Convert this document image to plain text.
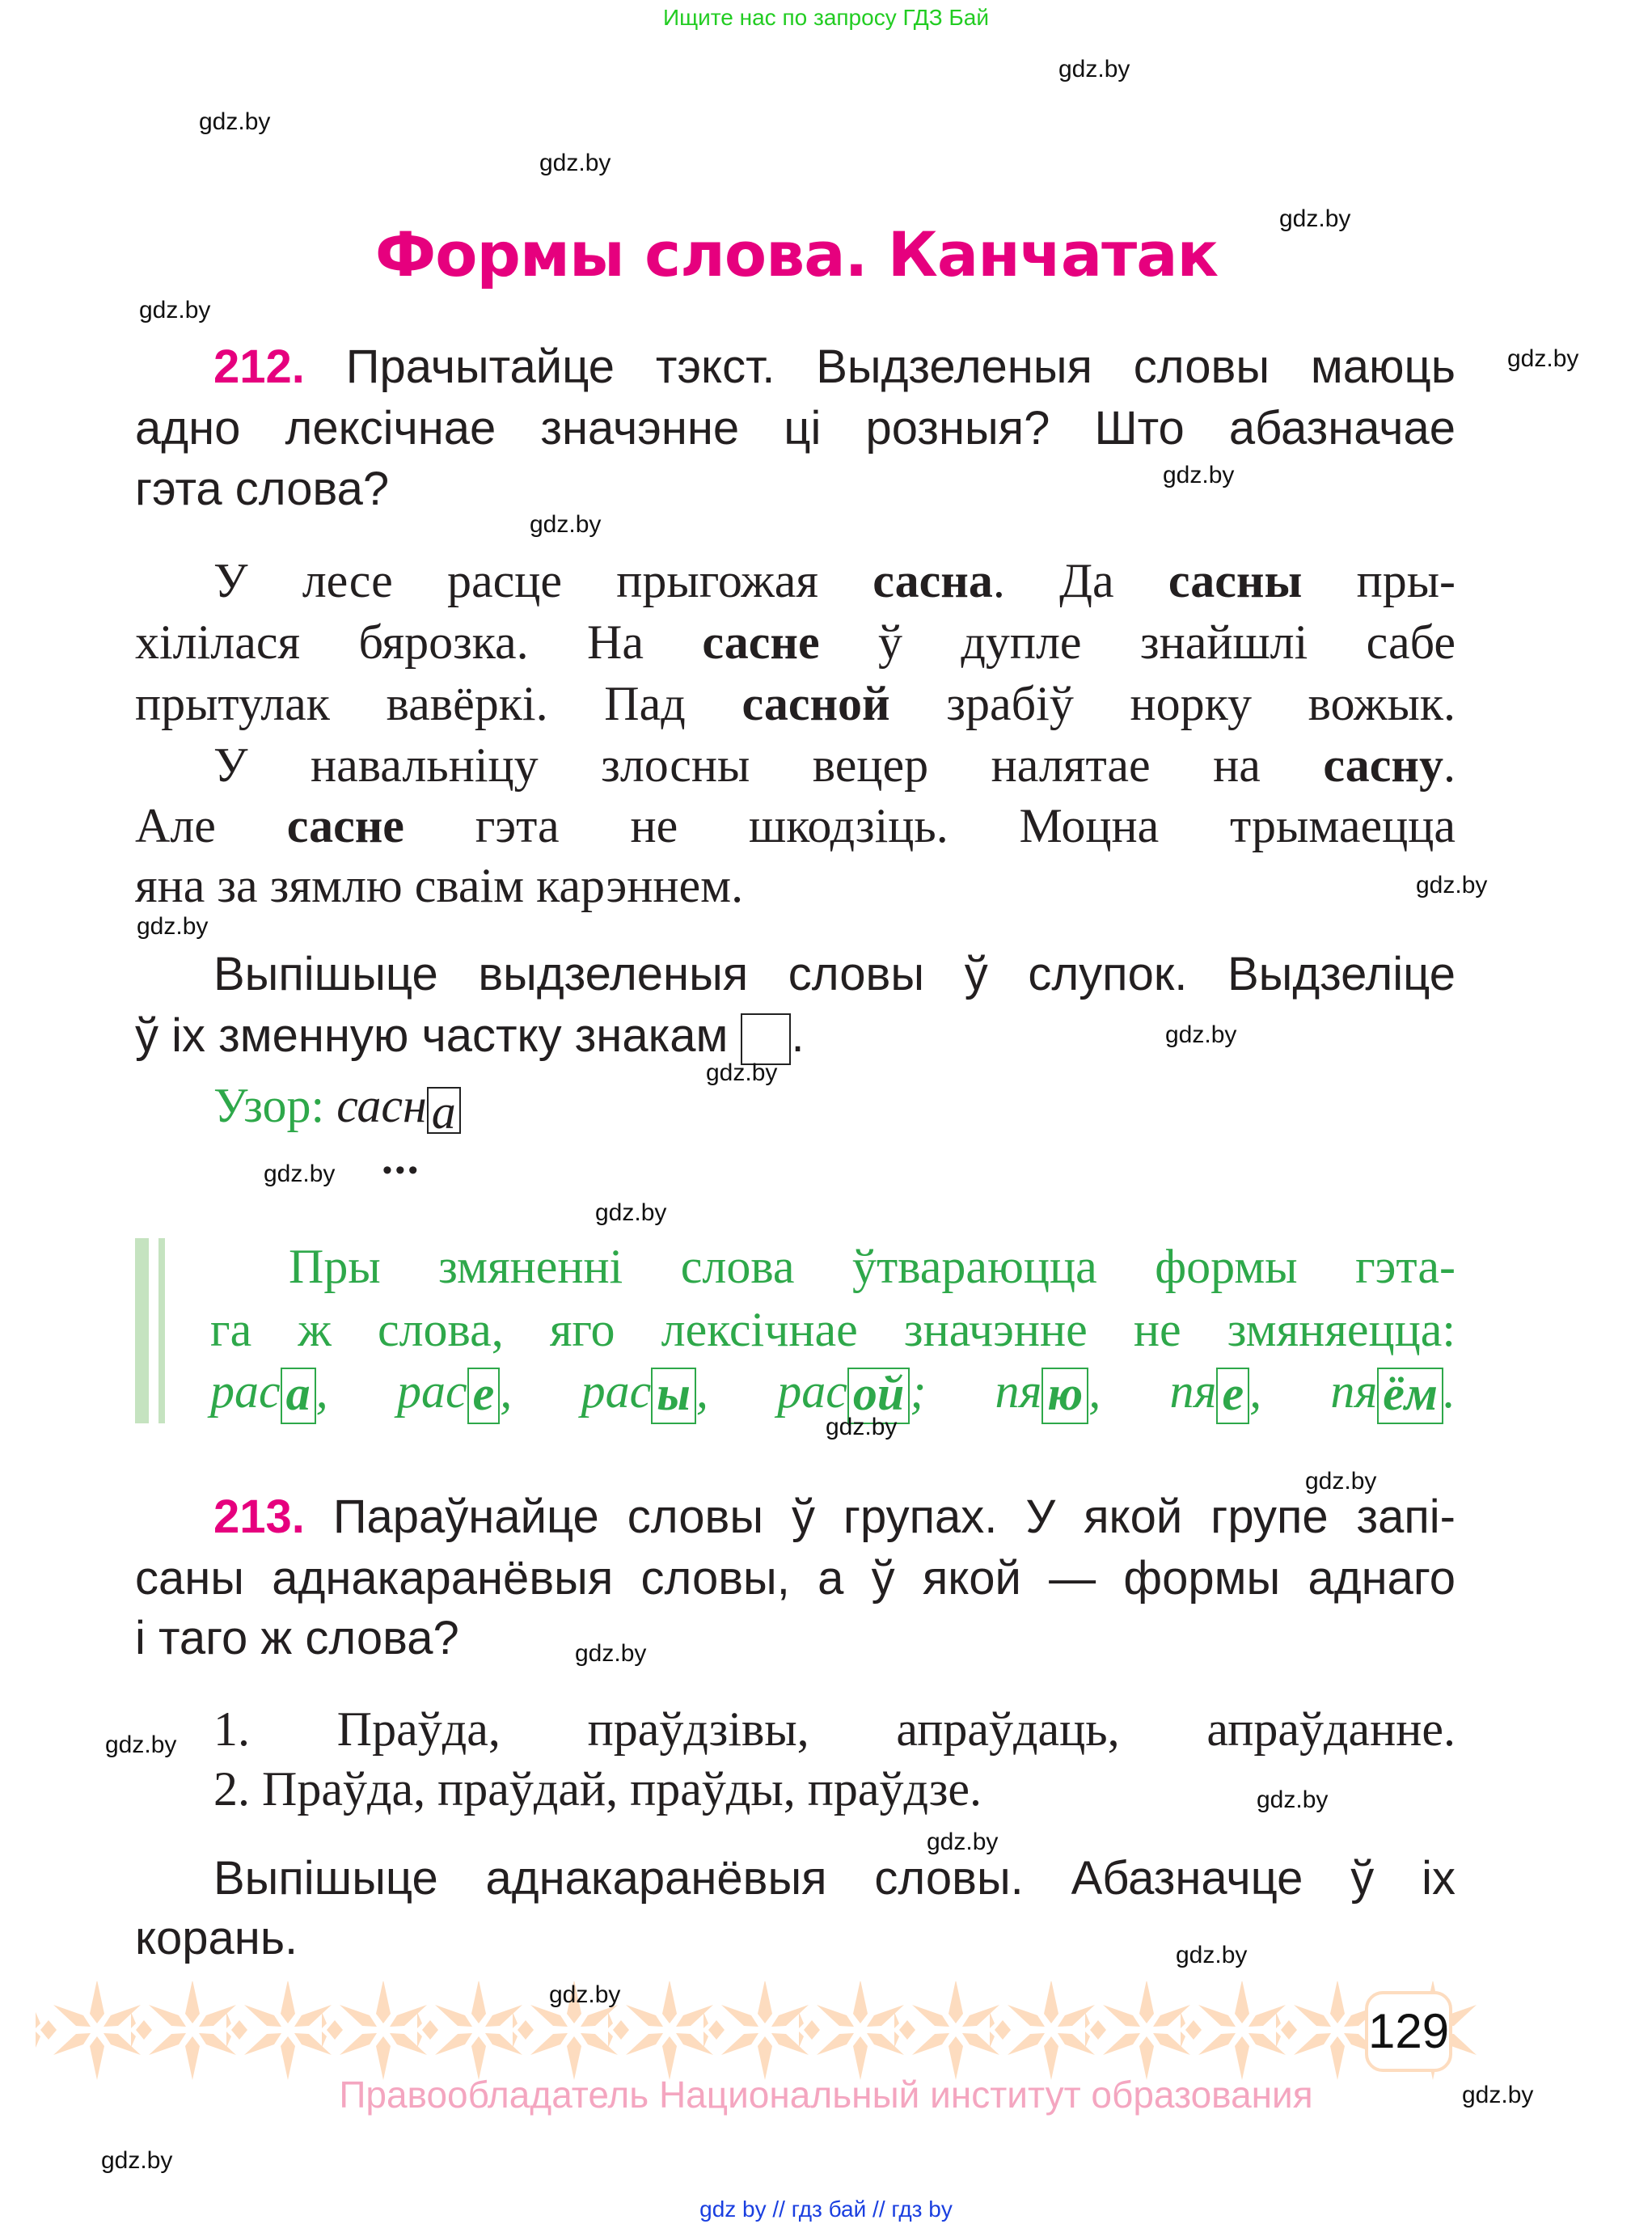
Ищите нас по запросу ГДЗ Бай
Формы слова. Канчатак
212. Прачытайце тэкст. Выдзеленыя словы маюць
адно лексічнае значэнне ці розныя? Што абазначае
гэта слова?
У лесе расце прыгожая сасна. Да сасны пры-
хілілася бярозка. На сасне ў дупле знайшлі сабе
прытулак вавёркі. Пад сасной зрабіў норку вожык.
У навальніцу злосны вецер налятае на сасну.
Але сасне гэта не шкодзіць. Моцна трымаецца
яна за зямлю сваім карэннем.
Выпішыце выдзеленыя словы ў слупок. Выдзеліце
ў іх зменную частку знакам .
Узор: сасн а
•••
Пры змяненні слова ўтвараюцца формы гэта-
га ж слова, яго лексічнае значэнне не змяняецца:
рас а , рас е , рас ы , рас ой ; пя ю , пя е , пя ём .
213. Параўнайце словы ў групах. У якой групе запі-
саны аднакаранёвыя словы, а ў якой — формы аднаго
і таго ж слова?
1. Праўда, праўдзівы, апраўдаць, апраўданне.
2. Праўда, праўдай, праўды, праўдзе.
Выпішыце аднакаранёвыя словы. Абазначце ў іх
корань.
129
Правообладатель Национальный институт образования
gdz by // гдз бай // гдз by
gdz.by
gdz.by
gdz.by
gdz.by
gdz.by
gdz.by
gdz.by
gdz.by
gdz.by
gdz.by
gdz.by
gdz.by
gdz.by
gdz.by
gdz.by
gdz.by
gdz.by
gdz.by
gdz.by
gdz.by
gdz.by
gdz.by
gdz.by
gdz.by
